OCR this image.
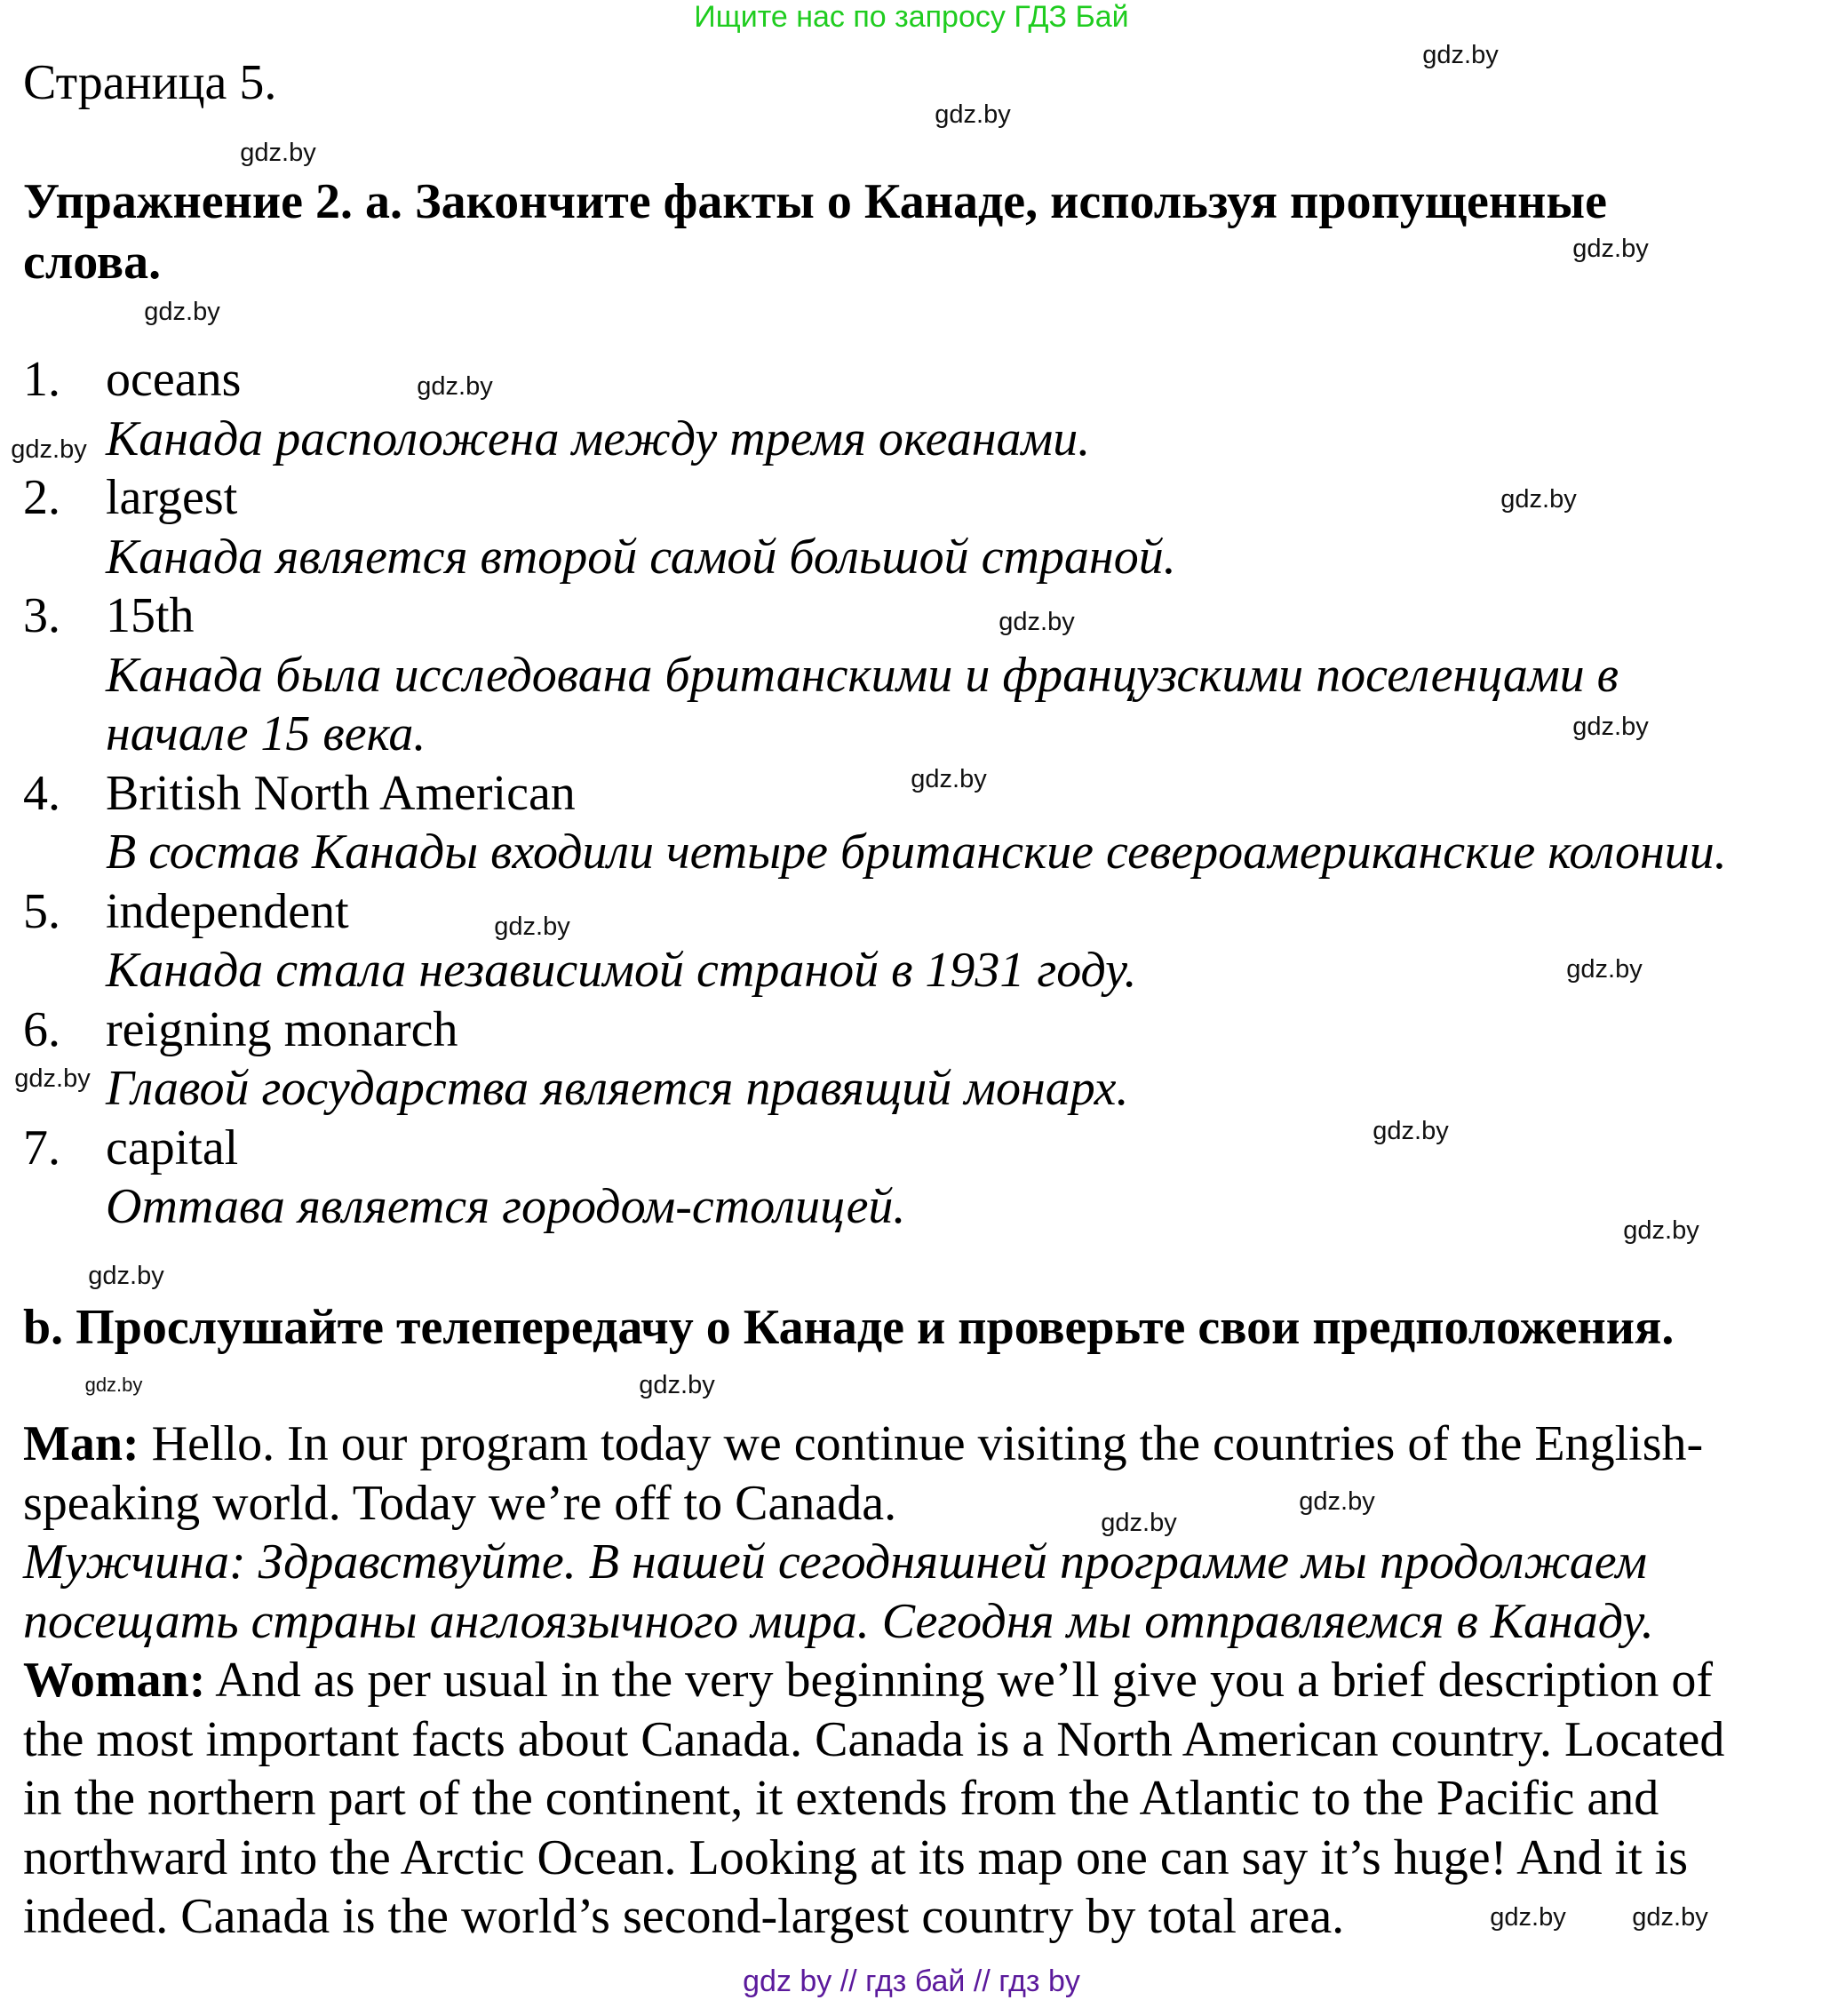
Ищите нас по запросу ГДЗ Бай
Страница 5.
Упражнение 2. a. Закончите факты о Канаде, используя пропущенные
слова.
1. oceans
Канада расположена между тремя океанами.
2. largest
Канада является второй самой большой страной.
3. 15th
Канада была исследована британскими и французскими поселенцами в
начале 15 века.
4. British North American
В состав Канады входили четыре британские североамериканские колонии.
5. independent
Канада стала независимой страной в 1931 году.
6. reigning monarch
Главой государства является правящий монарх.
7. capital
Оттава является городом-столицей.
b. Прослушайте телепередачу о Канаде и проверьте свои предположения.
Man: Hello. In our program today we continue visiting the countries of the English-
speaking world. Today we’re off to Canada.
Мужчина: Здравствуйте. В нашей сегодняшней программе мы продолжаем
посещать страны англоязычного мира. Сегодня мы отправляемся в Канаду.
Woman: And as per usual in the very beginning we’ll give you a brief description of
the most important facts about Canada. Canada is a North American country. Located
in the northern part of the continent, it extends from the Atlantic to the Pacific and
northward into the Arctic Ocean. Looking at its map one can say it’s huge! And it is
indeed. Canada is the world’s second-largest country by total area.
gdz.by
gdz.by
gdz.by
gdz.by
gdz.by
gdz.by
gdz.by
gdz.by
gdz.by
gdz.by
gdz.by
gdz.by
gdz.by
gdz.by
gdz.by
gdz.by
gdz.by
gdz.by
gdz.by
gdz.by
gdz.by
gdz.by
gdz.by
gdz by // гдз бай // гдз by
